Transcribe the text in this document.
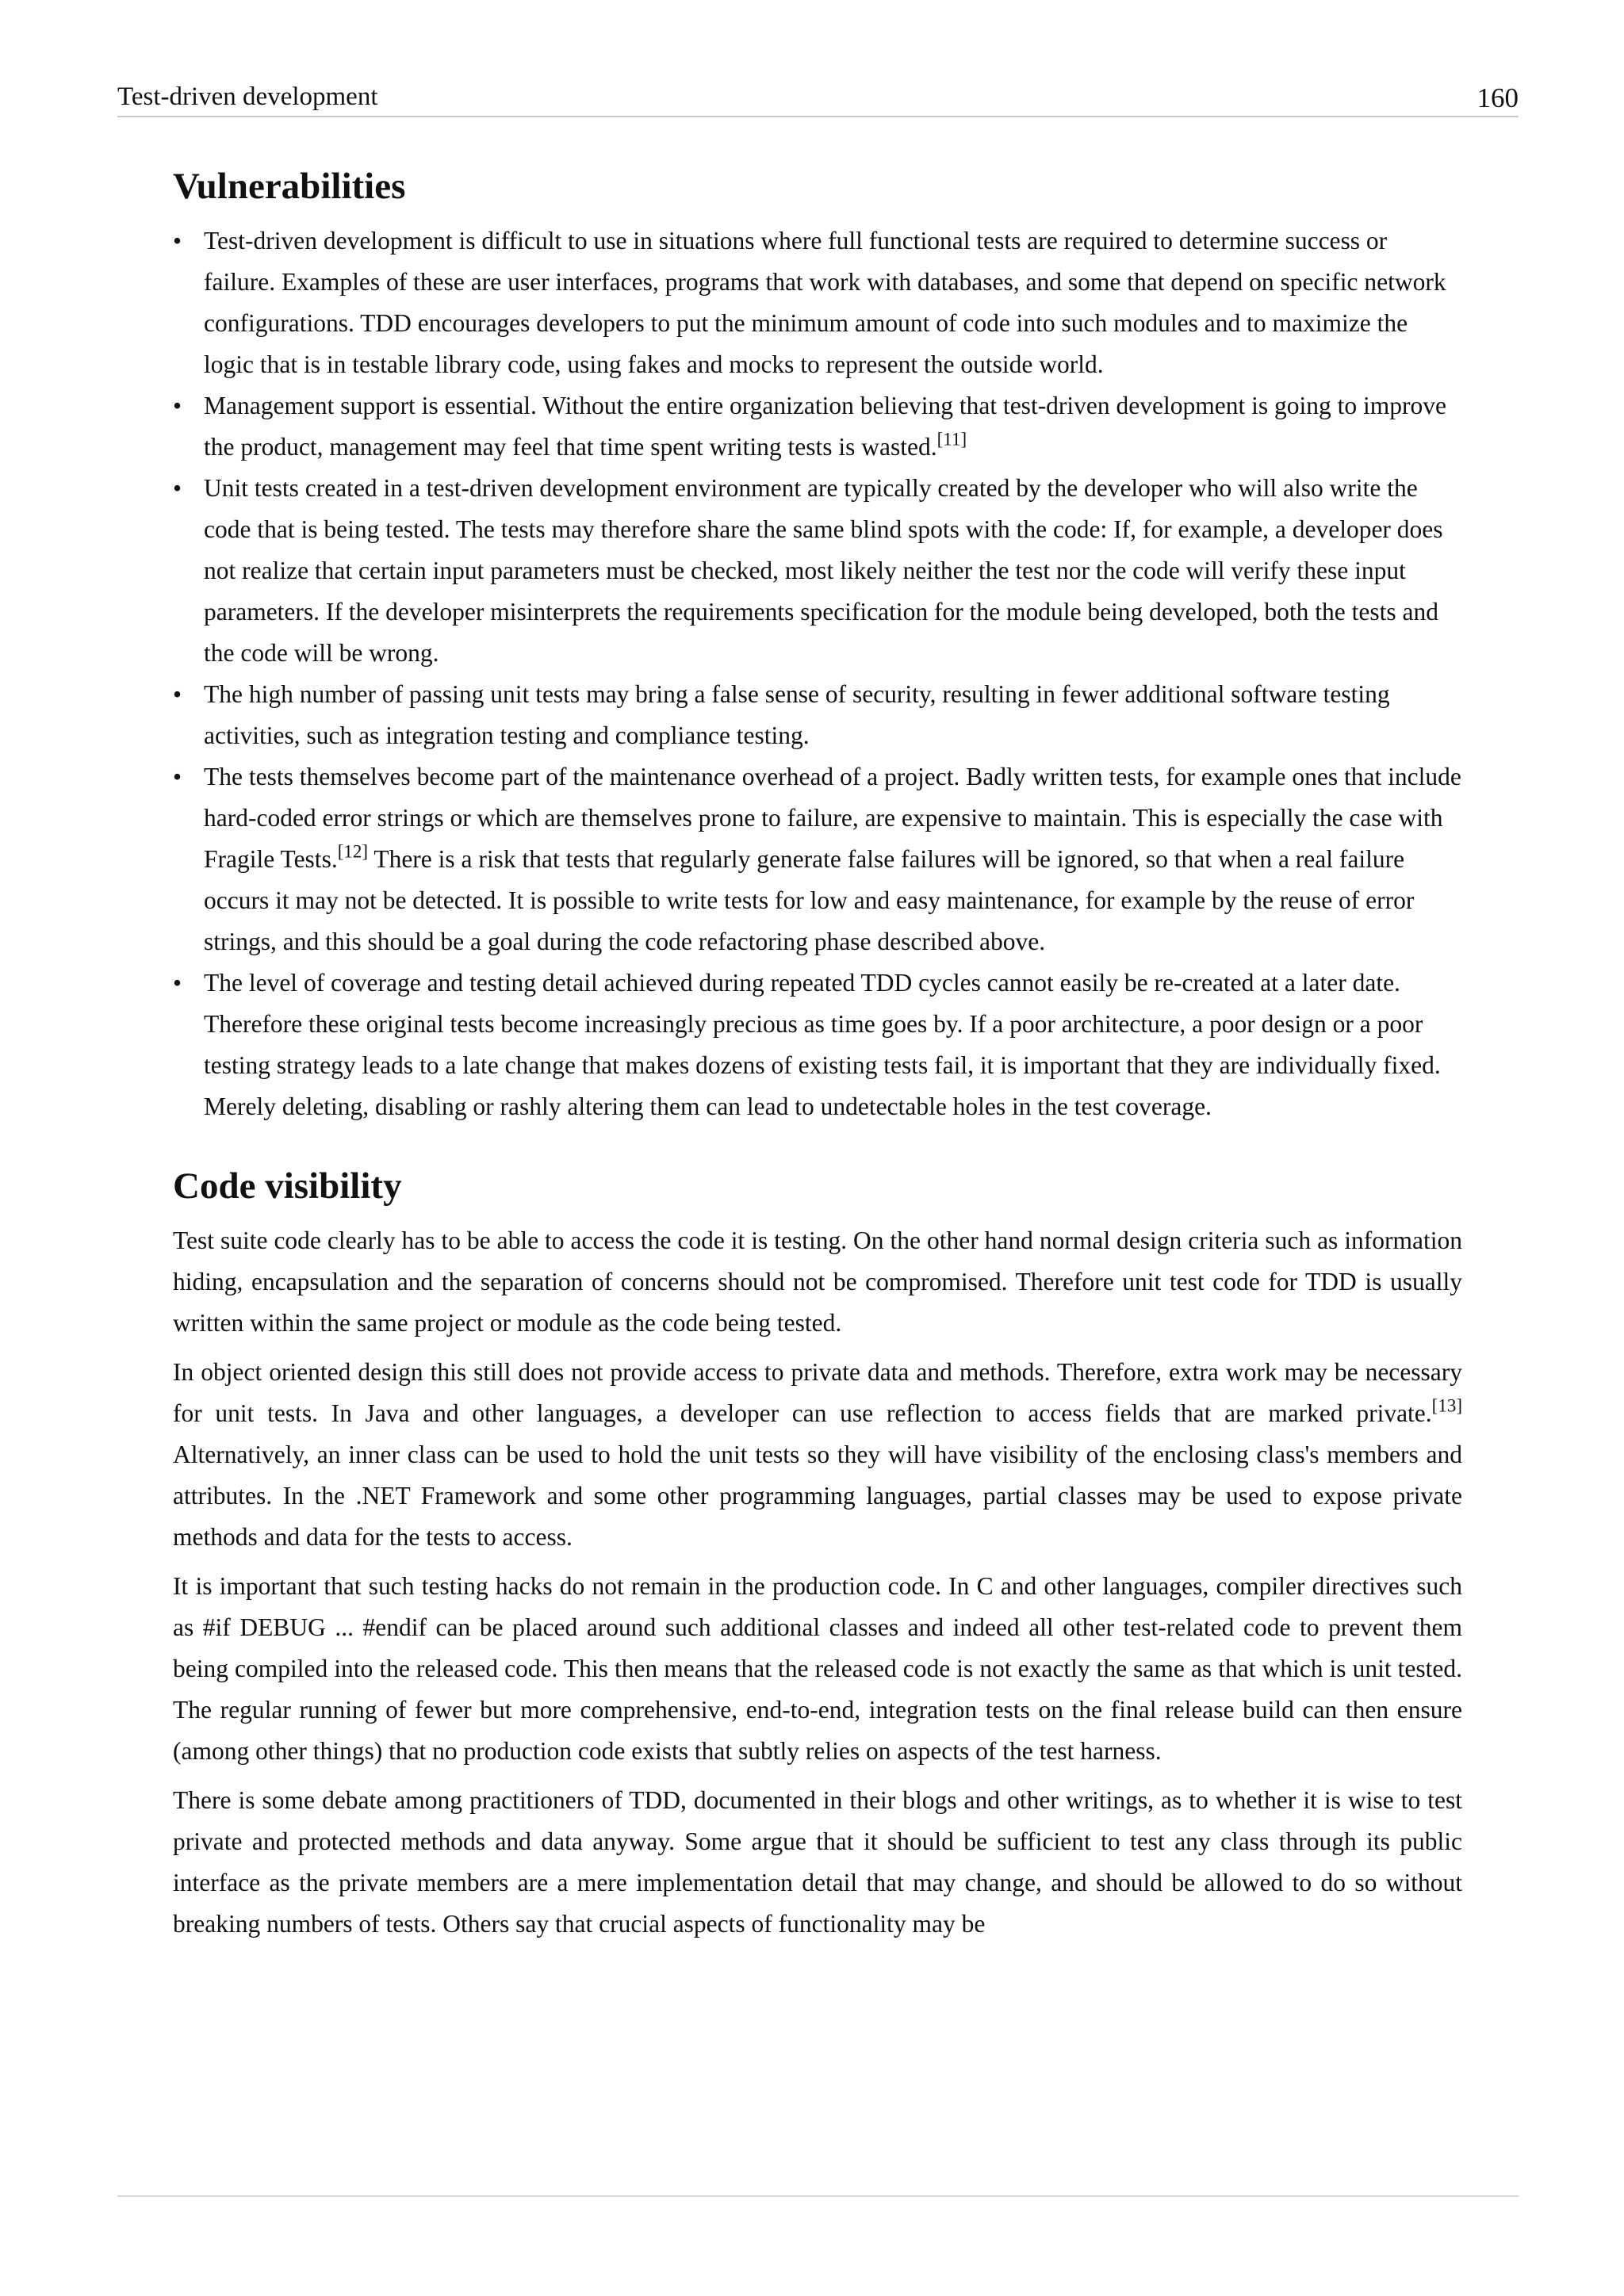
Test-driven development	160
Vulnerabilities
• Test-driven development is difficult to use in situations where full functional tests are required to determine success or failure. Examples of these are user interfaces, programs that work with databases, and some that depend on specific network configurations. TDD encourages developers to put the minimum amount of code into such modules and to maximize the logic that is in testable library code, using fakes and mocks to represent the outside world.
• Management support is essential. Without the entire organization believing that test-driven development is going to improve the product, management may feel that time spent writing tests is wasted.[11]
• Unit tests created in a test-driven development environment are typically created by the developer who will also write the code that is being tested. The tests may therefore share the same blind spots with the code: If, for example, a developer does not realize that certain input parameters must be checked, most likely neither the test nor the code will verify these input parameters. If the developer misinterprets the requirements specification for the module being developed, both the tests and the code will be wrong.
• The high number of passing unit tests may bring a false sense of security, resulting in fewer additional software testing activities, such as integration testing and compliance testing.
• The tests themselves become part of the maintenance overhead of a project. Badly written tests, for example ones that include hard-coded error strings or which are themselves prone to failure, are expensive to maintain. This is especially the case with Fragile Tests.[12] There is a risk that tests that regularly generate false failures will be ignored, so that when a real failure occurs it may not be detected. It is possible to write tests for low and easy maintenance, for example by the reuse of error strings, and this should be a goal during the code refactoring phase described above.
• The level of coverage and testing detail achieved during repeated TDD cycles cannot easily be re-created at a later date. Therefore these original tests become increasingly precious as time goes by. If a poor architecture, a poor design or a poor testing strategy leads to a late change that makes dozens of existing tests fail, it is important that they are individually fixed. Merely deleting, disabling or rashly altering them can lead to undetectable holes in the test coverage.
Code visibility

Test suite code clearly has to be able to access the code it is testing. On the other hand normal design criteria such as information hiding, encapsulation and the separation of concerns should not be compromised. Therefore unit test code for TDD is usually written within the same project or module as the code being tested.

In object oriented design this still does not provide access to private data and methods. Therefore, extra work may be necessary for unit tests. In Java and other languages, a developer can use reflection to access fields that are marked private.[13] Alternatively, an inner class can be used to hold the unit tests so they will have visibility of the enclosing class's members and attributes. In the .NET Framework and some other programming languages, partial classes may be used to expose private methods and data for the tests to access.

It is important that such testing hacks do not remain in the production code. In C and other languages, compiler directives such as #if DEBUG ... #endif can be placed around such additional classes and indeed all other test-related code to prevent them being compiled into the released code. This then means that the released code is not exactly the same as that which is unit tested. The regular running of fewer but more comprehensive, end-to-end, integration tests on the final release build can then ensure (among other things) that no production code exists that subtly relies on aspects of the test harness.

There is some debate among practitioners of TDD, documented in their blogs and other writings, as to whether it is wise to test private and protected methods and data anyway. Some argue that it should be sufficient to test any class through its public interface as the private members are a mere implementation detail that may change, and should be allowed to do so without breaking numbers of tests. Others say that crucial aspects of functionality may be
